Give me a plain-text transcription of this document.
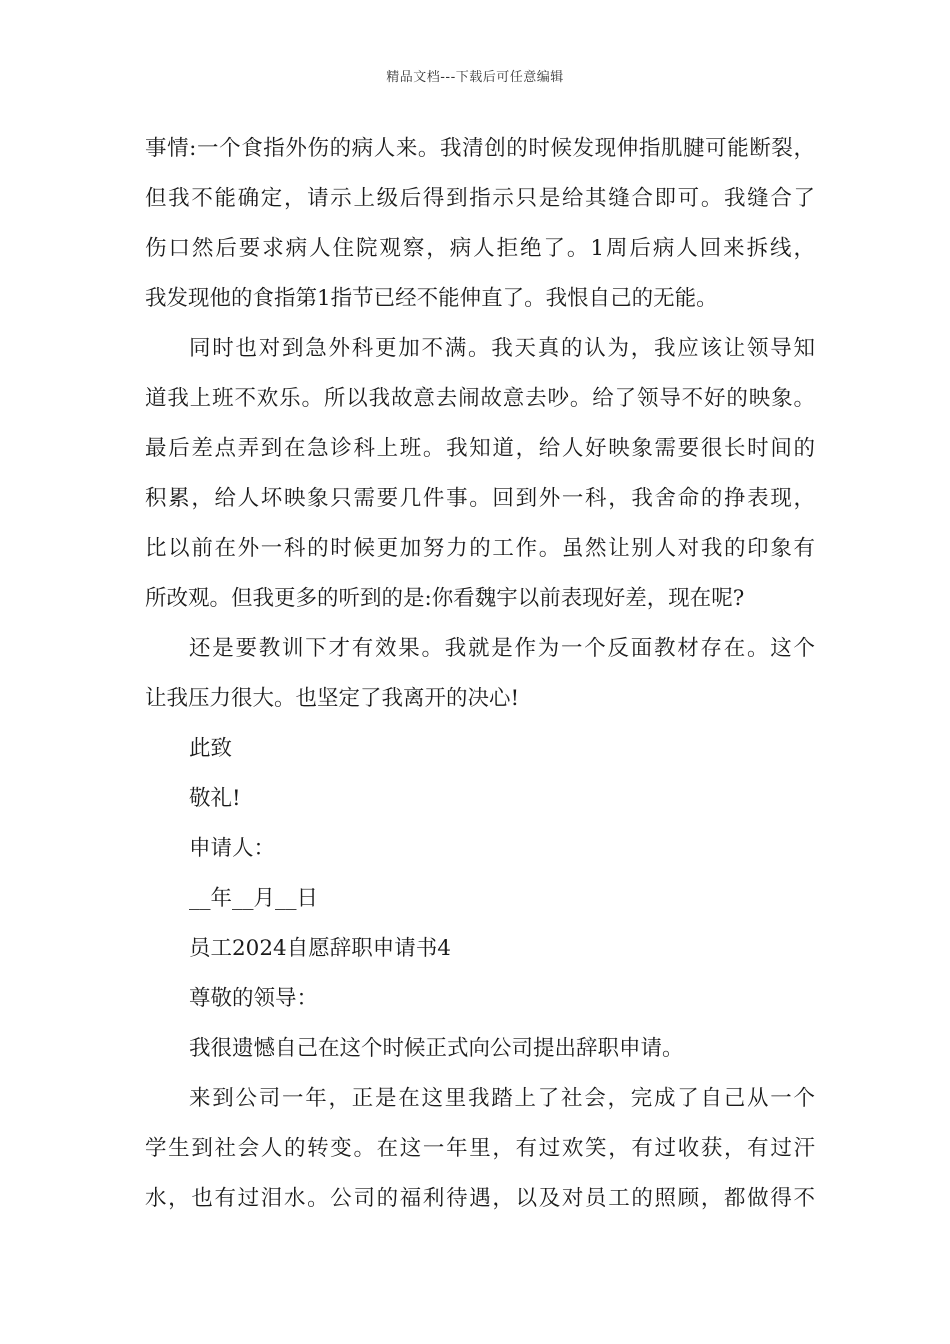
精品文档---下载后可任意编辑
事情:一个食指外伤的病人来。我清创的时候发现伸指肌腱可能断裂，
但我不能确定，请示上级后得到指示只是给其缝合即可。我缝合了
伤口然后要求病人住院观察，病人拒绝了。1周后病人回来拆线，
我发现他的食指第1指节已经不能伸直了。我恨自己的无能。
同时也对到急外科更加不满。我天真的认为，我应该让领导知
道我上班不欢乐。所以我故意去闹故意去吵。给了领导不好的映象。
最后差点弄到在急诊科上班。我知道，给人好映象需要很长时间的
积累，给人坏映象只需要几件事。回到外一科，我舍命的挣表现，
比以前在外一科的时候更加努力的工作。虽然让别人对我的印象有
所改观。但我更多的听到的是:你看魏宇以前表现好差，现在呢?
还是要教训下才有效果。我就是作为一个反面教材存在。这个
让我压力很大。也坚定了我离开的决心!
此致
敬礼!
申请人：
__年__月__日
员工2024自愿辞职申请书4
尊敬的领导：
我很遗憾自己在这个时候正式向公司提出辞职申请。
来到公司一年，正是在这里我踏上了社会，完成了自己从一个
学生到社会人的转变。在这一年里，有过欢笑，有过收获，有过汗
水，也有过泪水。公司的福利待遇，以及对员工的照顾，都做得不
